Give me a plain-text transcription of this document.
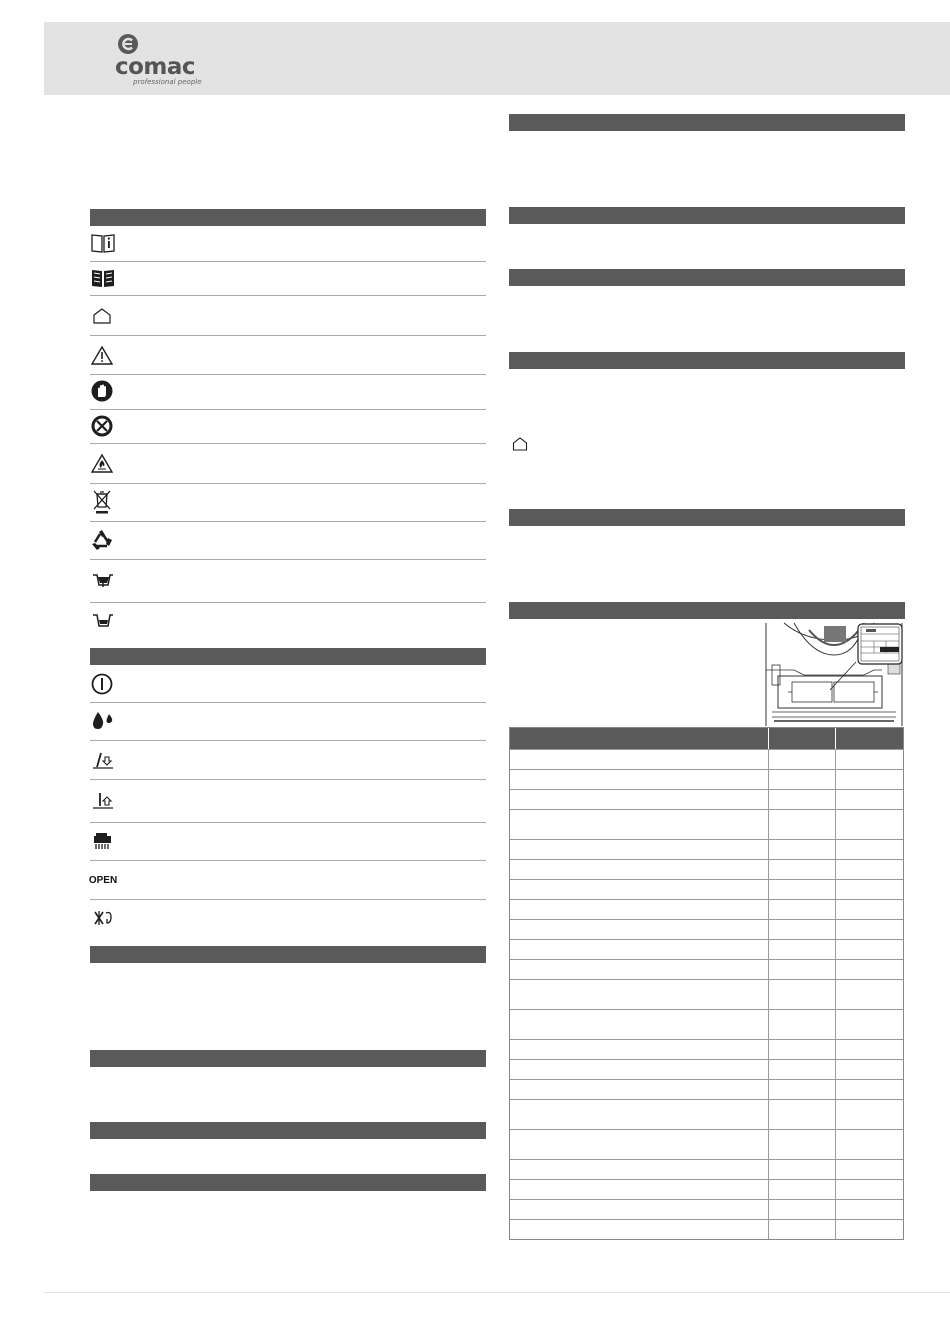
comac
professional people
OPEN
